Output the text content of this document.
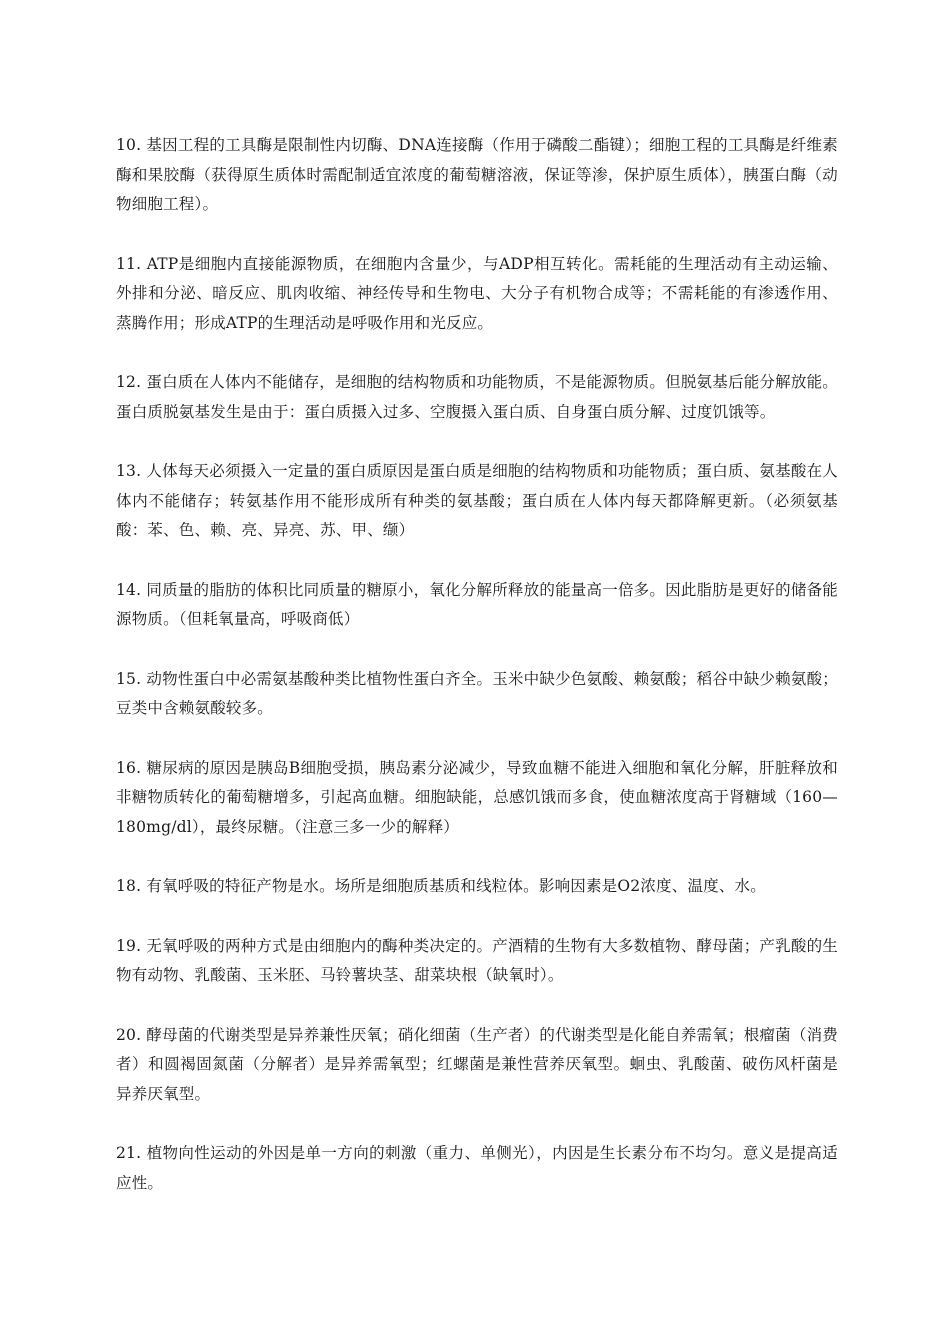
10. 基因工程的工具酶是限制性内切酶、DNA连接酶（作用于磷酸二酯键）；细胞工程的工具酶是纤维素酶和果胶酶（获得原生质体时需配制适宜浓度的葡萄糖溶液，保证等渗，保护原生质体），胰蛋白酶（动物细胞工程）。

11. ATP是细胞内直接能源物质，在细胞内含量少，与ADP相互转化。需耗能的生理活动有主动运输、外排和分泌、暗反应、肌肉收缩、神经传导和生物电、大分子有机物合成等；不需耗能的有渗透作用、蒸腾作用；形成ATP的生理活动是呼吸作用和光反应。

12. 蛋白质在人体内不能储存，是细胞的结构物质和功能物质，不是能源物质。但脱氨基后能分解放能。蛋白质脱氨基发生是由于：蛋白质摄入过多、空腹摄入蛋白质、自身蛋白质分解、过度饥饿等。

13. 人体每天必须摄入一定量的蛋白质原因是蛋白质是细胞的结构物质和功能物质；蛋白质、氨基酸在人体内不能储存；转氨基作用不能形成所有种类的氨基酸；蛋白质在人体内每天都降解更新。（必须氨基酸：苯、色、赖、亮、异亮、苏、甲、缬）

14. 同质量的脂肪的体积比同质量的糖原小，氧化分解所释放的能量高一倍多。因此脂肪是更好的储备能源物质。（但耗氧量高，呼吸商低）

15. 动物性蛋白中必需氨基酸种类比植物性蛋白齐全。玉米中缺少色氨酸、赖氨酸；稻谷中缺少赖氨酸；豆类中含赖氨酸较多。

16. 糖尿病的原因是胰岛B细胞受损，胰岛素分泌减少，导致血糖不能进入细胞和氧化分解，肝脏释放和非糖物质转化的葡萄糖增多，引起高血糖。细胞缺能，总感饥饿而多食，使血糖浓度高于肾糖域（160—180mg/dl），最终尿糖。（注意三多一少的解释）

18. 有氧呼吸的特征产物是水。场所是细胞质基质和线粒体。影响因素是O2浓度、温度、水。

19. 无氧呼吸的两种方式是由细胞内的酶种类决定的。产酒精的生物有大多数植物、酵母菌；产乳酸的生物有动物、乳酸菌、玉米胚、马铃薯块茎、甜菜块根（缺氧时）。

20. 酵母菌的代谢类型是异养兼性厌氧；硝化细菌（生产者）的代谢类型是化能自养需氧；根瘤菌（消费者）和圆褐固氮菌（分解者）是异养需氧型；红螺菌是兼性营养厌氧型。蛔虫、乳酸菌、破伤风杆菌是异养厌氧型。

21. 植物向性运动的外因是单一方向的刺激（重力、单侧光），内因是生长素分布不均匀。意义是提高适应性。
